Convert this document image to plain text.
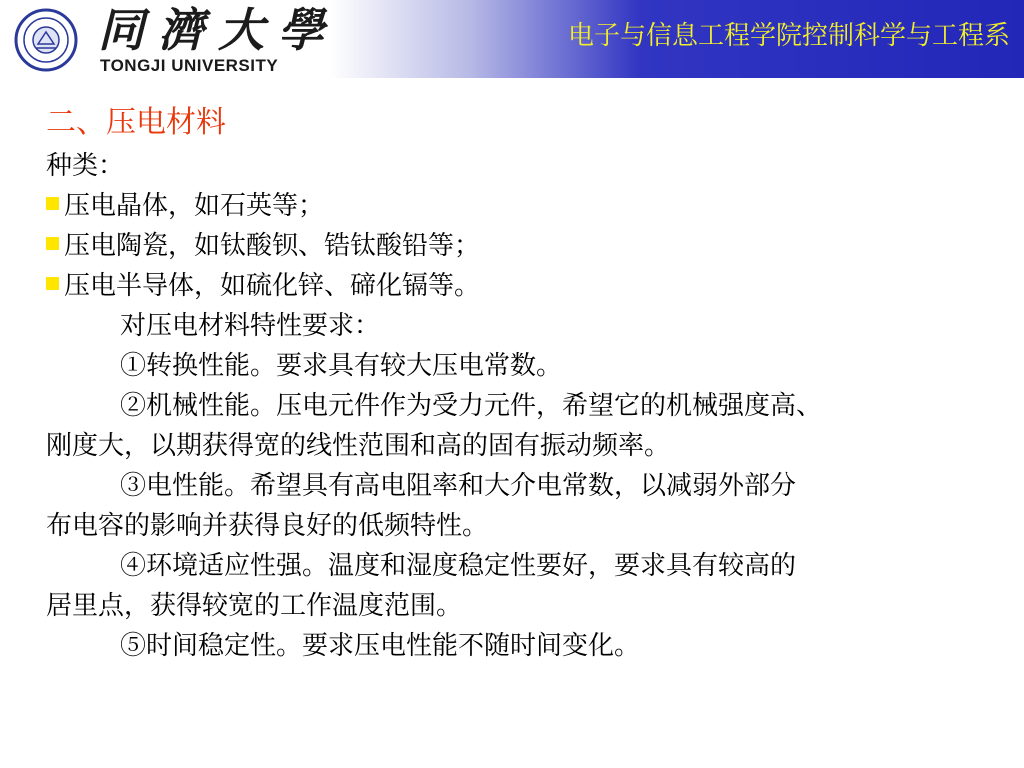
同濟大學
TONGJI UNIVERSITY
电子与信息工程学院控制科学与工程系
二、压电材料
种类：
压电晶体，如石英等；
压电陶瓷，如钛酸钡、锆钛酸铅等；
压电半导体，如硫化锌、碲化镉等。
对压电材料特性要求：
①转换性能。要求具有较大压电常数。
②机械性能。压电元件作为受力元件，希望它的机械强度高、
刚度大，以期获得宽的线性范围和高的固有振动频率。
③电性能。希望具有高电阻率和大介电常数，以减弱外部分
布电容的影响并获得良好的低频特性。
④环境适应性强。温度和湿度稳定性要好，要求具有较高的
居里点，获得较宽的工作温度范围。
⑤时间稳定性。要求压电性能不随时间变化。
